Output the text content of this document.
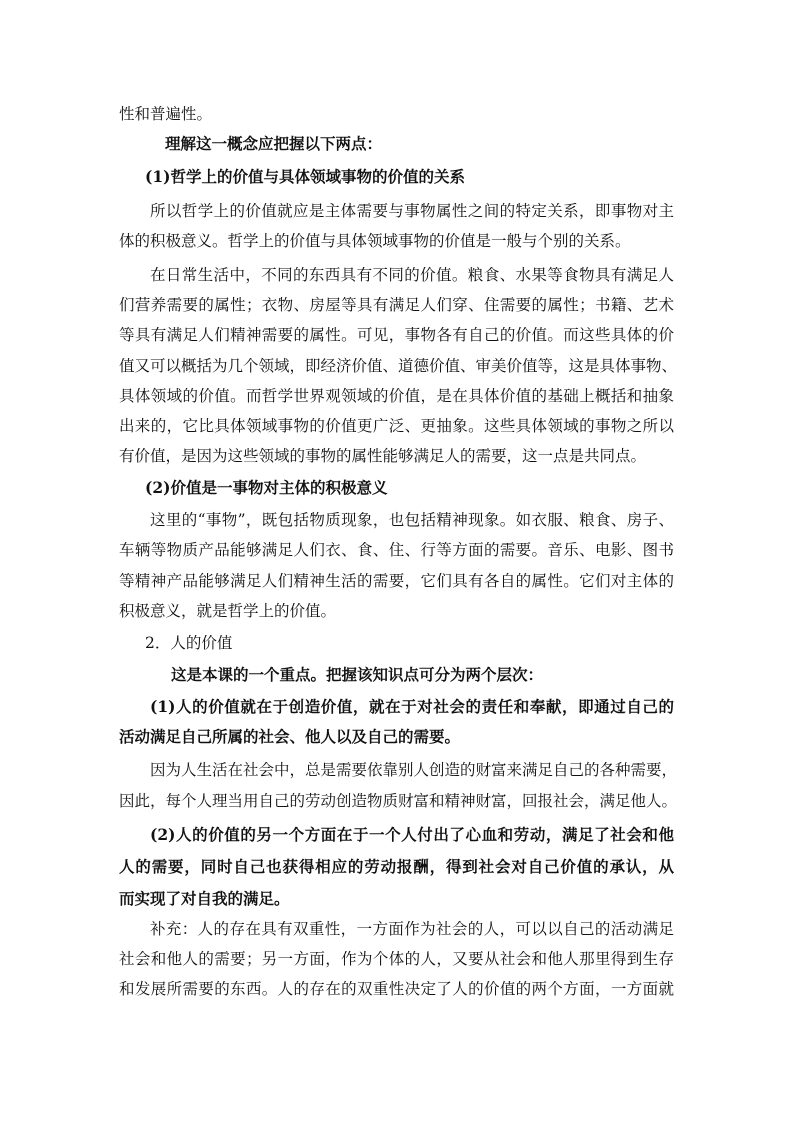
性和普遍性。
理解这一概念应把握以下两点：
(1)哲学上的价值与具体领域事物的价值的关系
所以哲学上的价值就应是主体需要与事物属性之间的特定关系，即事物对主
体的积极意义。哲学上的价值与具体领域事物的价值是一般与个别的关系。
在日常生活中，不同的东西具有不同的价值。粮食、水果等食物具有满足人
们营养需要的属性；衣物、房屋等具有满足人们穿、住需要的属性；书籍、艺术
等具有满足人们精神需要的属性。可见，事物各有自己的价值。而这些具体的价
值又可以概括为几个领域，即经济价值、道德价值、审美价值等，这是具体事物、
具体领域的价值。而哲学世界观领域的价值，是在具体价值的基础上概括和抽象
出来的，它比具体领域事物的价值更广泛、更抽象。这些具体领域的事物之所以
有价值，是因为这些领域的事物的属性能够满足人的需要，这一点是共同点。
(2)价值是一事物对主体的积极意义
这里的“事物”，既包括物质现象，也包括精神现象。如衣服、粮食、房子、
车辆等物质产品能够满足人们衣、食、住、行等方面的需要。音乐、电影、图书
等精神产品能够满足人们精神生活的需要，它们具有各自的属性。它们对主体的
积极意义，就是哲学上的价值。
2．人的价值
这是本课的一个重点。把握该知识点可分为两个层次：
(1)人的价值就在于创造价值，就在于对社会的责任和奉献，即通过自己的
活动满足自己所属的社会、他人以及自己的需要。
因为人生活在社会中，总是需要依靠别人创造的财富来满足自己的各种需要，
因此，每个人理当用自己的劳动创造物质财富和精神财富，回报社会，满足他人。
(2)人的价值的另一个方面在于一个人付出了心血和劳动，满足了社会和他
人的需要，同时自己也获得相应的劳动报酬，得到社会对自己价值的承认，从
而实现了对自我的满足。
补充：人的存在具有双重性，一方面作为社会的人，可以以自己的活动满足
社会和他人的需要；另一方面，作为个体的人，又要从社会和他人那里得到生存
和发展所需要的东西。人的存在的双重性决定了人的价值的两个方面，一方面就
